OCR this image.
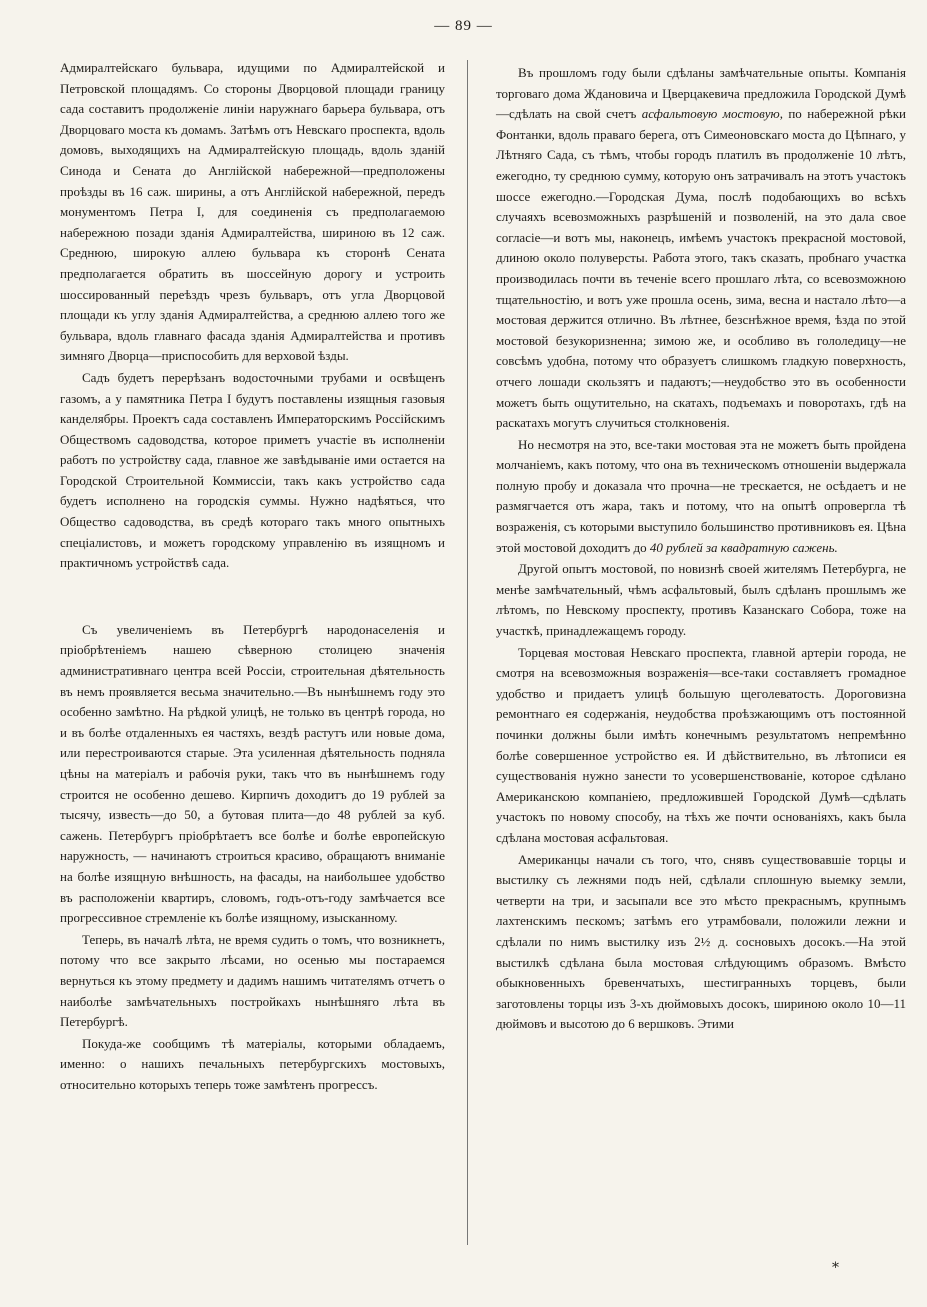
— 89 —

Адмиралтейскаго бульвара, идущими по Адмиралтейской и Петровской площадямъ. Со стороны Дворцовой площади границу сада составитъ продолженіе линіи наружнаго барьера бульвара, отъ Дворцоваго моста къ домамъ. Затѣмъ отъ Невскаго проспекта, вдоль домовъ, выходящихъ на Адмиралтейскую площадь, вдоль зданій Синода и Сената до Англійской набережной—предположены проѣзды въ 16 саж. ширины, а отъ Англійской набережной, передъ монументомъ Петра I, для соединенія съ предполагаемою набережною позади зданія Адмиралтейства, шириною въ 12 саж. Среднюю, широкую аллею бульвара къ сторонѣ Сената предполагается обратить въ шоссейную дорогу и устроить шоссированный переѣздъ чрезъ бульваръ, отъ угла Дворцовой площади къ углу зданія Адмиралтейства, а среднюю аллею того же бульвара, вдоль главнаго фасада зданія Адмиралтейства и противъ зимняго Дворца—приспособить для верховой ѣзды.

Садъ будетъ перерѣзанъ водосточными трубами и освѣщенъ газомъ, а у памятника Петра I будутъ поставлены изящныя газовыя канделябры. Проектъ сада составленъ Императорскимъ Россійскимъ Обществомъ садоводства, которое приметъ участіе въ исполненіи работъ по устройству сада, главное же завѣдываніе ими остается на Городской Строительной Коммиссіи, такъ какъ устройство сада будетъ исполнено на городскія суммы. Нужно надѣяться, что Общество садоводства, въ средѣ котораго такъ много опытныхъ спеціалистовъ, и можетъ городскому управленію въ изящномъ и практичномъ устройствѣ сада.

Съ увеличеніемъ въ Петербургѣ народонаселенія и пріобрѣтеніемъ нашею сѣверною столицею значенія административнаго центра всей Россіи, строительная дѣятельность въ немъ проявляется весьма значительно.—Въ нынѣшнемъ году это особенно замѣтно. На рѣдкой улицѣ, не только въ центрѣ города, но и въ болѣе отдаленныхъ ея частяхъ, вездѣ растутъ или новые дома, или перестроиваются старые. Эта усиленная дѣятельность подняла цѣны на матеріалъ и рабочія руки, такъ что въ нынѣшнемъ году строится не особенно дешево. Кирпичъ доходитъ до 19 рублей за тысячу, известь—до 50, а бутовая плита—до 48 рублей за куб. сажень. Петербургъ пріобрѣтаетъ все болѣе и болѣе европейскую наружность, — начинаютъ строиться красиво, обращаютъ вниманіе на болѣе изящную внѣшность, на фасады, на наибольшее удобство въ расположеніи квартиръ, словомъ, годъ-отъ-году замѣчается все прогрессивное стремленіе къ болѣе изящному, изысканному.

Теперь, въ началѣ лѣта, не время судить о томъ, что возникнетъ, потому что все закрыто лѣсами, но осенью мы постараемся вернуться къ этому предмету и дадимъ нашимъ читателямъ отчетъ о наиболѣе замѣчательныхъ постройкахъ нынѣшняго лѣта въ Петербургѣ.

Покуда-же сообщимъ тѣ матеріалы, которыми обладаемъ, именно: о нашихъ печальныхъ петербургскихъ мостовыхъ, относительно которыхъ теперь тоже замѣтенъ прогрессъ.

Въ прошломъ году были сдѣланы замѣчательные опыты. Компанія торговаго дома Ждановича и Цверцакевича предложила Городской Думѣ—сдѣлать на свой счетъ асфальтовую мостовую, по набережной рѣки Фонтанки, вдоль праваго берега, отъ Симеоновскаго моста до Цѣпнаго, у Лѣтняго Сада, съ тѣмъ, чтобы городъ платилъ въ продолженіе 10 лѣтъ, ежегодно, ту среднюю сумму, которую онъ затрачивалъ на этотъ участокъ шоссе ежегодно.—Городская Дума, послѣ подобающихъ во всѣхъ случаяхъ всевозможныхъ разрѣшеній и позволеній, на это дала свое согласіе—и вотъ мы, наконецъ, имѣемъ участокъ прекрасной мостовой, длиною около полуверсты. Работа этого, такъ сказать, пробнаго участка производилась почти въ теченіе всего прошлаго лѣта, со всевозможною тщательностію, и вотъ уже прошла осень, зима, весна и настало лѣто—а мостовая держится отлично. Въ лѣтнее, безснѣжное время, ѣзда по этой мостовой безукоризненна; зимою же, и особливо въ гололедицу—не совсѣмъ удобна, потому что образуетъ слишкомъ гладкую поверхность, отчего лошади скользятъ и падаютъ;—неудобство это въ особенности можетъ быть ощутительно, на скатахъ, подъемахъ и поворотахъ, гдѣ на раскатахъ могутъ случиться столкновенія.

Но несмотря на это, все-таки мостовая эта не можетъ быть пройдена молчаніемъ, какъ потому, что она въ техническомъ отношеніи выдержала полную пробу и доказала что прочна—не трескается, не осѣдаетъ и не размягчается отъ жара, такъ и потому, что на опытѣ опровергла тѣ возраженія, съ которыми выступило большинство противниковъ ея. Цѣна этой мостовой доходитъ до 40 рублей за квадратную сажень.

Другой опытъ мостовой, по новизнѣ своей жителямъ Петербурга, не менѣе замѣчательный, чѣмъ асфальтовый, былъ сдѣланъ прошлымъ же лѣтомъ, по Невскому проспекту, противъ Казанскаго Собора, тоже на участкѣ, принадлежащемъ городу.

Торцевая мостовая Невскаго проспекта, главной артеріи города, не смотря на всевозможныя возраженія—все-таки составляетъ громадное удобство и придаетъ улицѣ большую щеголеватость. Дороговизна ремонтнаго ея содержанія, неудобства проѣзжающимъ отъ постоянной починки должны были имѣть конечнымъ результатомъ непремѣнно болѣе совершенное устройство ея. И дѣйствительно, въ лѣтописи ея существованія нужно занести то усовершенствованіе, которое сдѣлано Американскою компаніею, предложившей Городской Думѣ—сдѣлать участокъ по новому способу, на тѣхъ же почти основаніяхъ, какъ была сдѣлана мостовая асфальтовая.

Американцы начали съ того, что, снявъ существовавшіе торцы и выстилку съ лежнями подъ ней, сдѣлали сплошную выемку земли, четверти на три, и засыпали все это мѣсто прекраснымъ, крупнымъ лахтенскимъ пескомъ; затѣмъ его утрамбовали, положили лежни и сдѣлали по нимъ выстилку изъ 2½ д. сосновыхъ досокъ.—На этой выстилкѣ сдѣлана была мостовая слѣдующимъ образомъ. Вмѣсто обыкновенныхъ бревенчатыхъ, шестигранныхъ торцевъ, были заготовлены торцы изъ 3-хъ дюймовыхъ досокъ, шириною около 10—11 дюймовъ и высотою до 6 вершковъ. Этими

*
